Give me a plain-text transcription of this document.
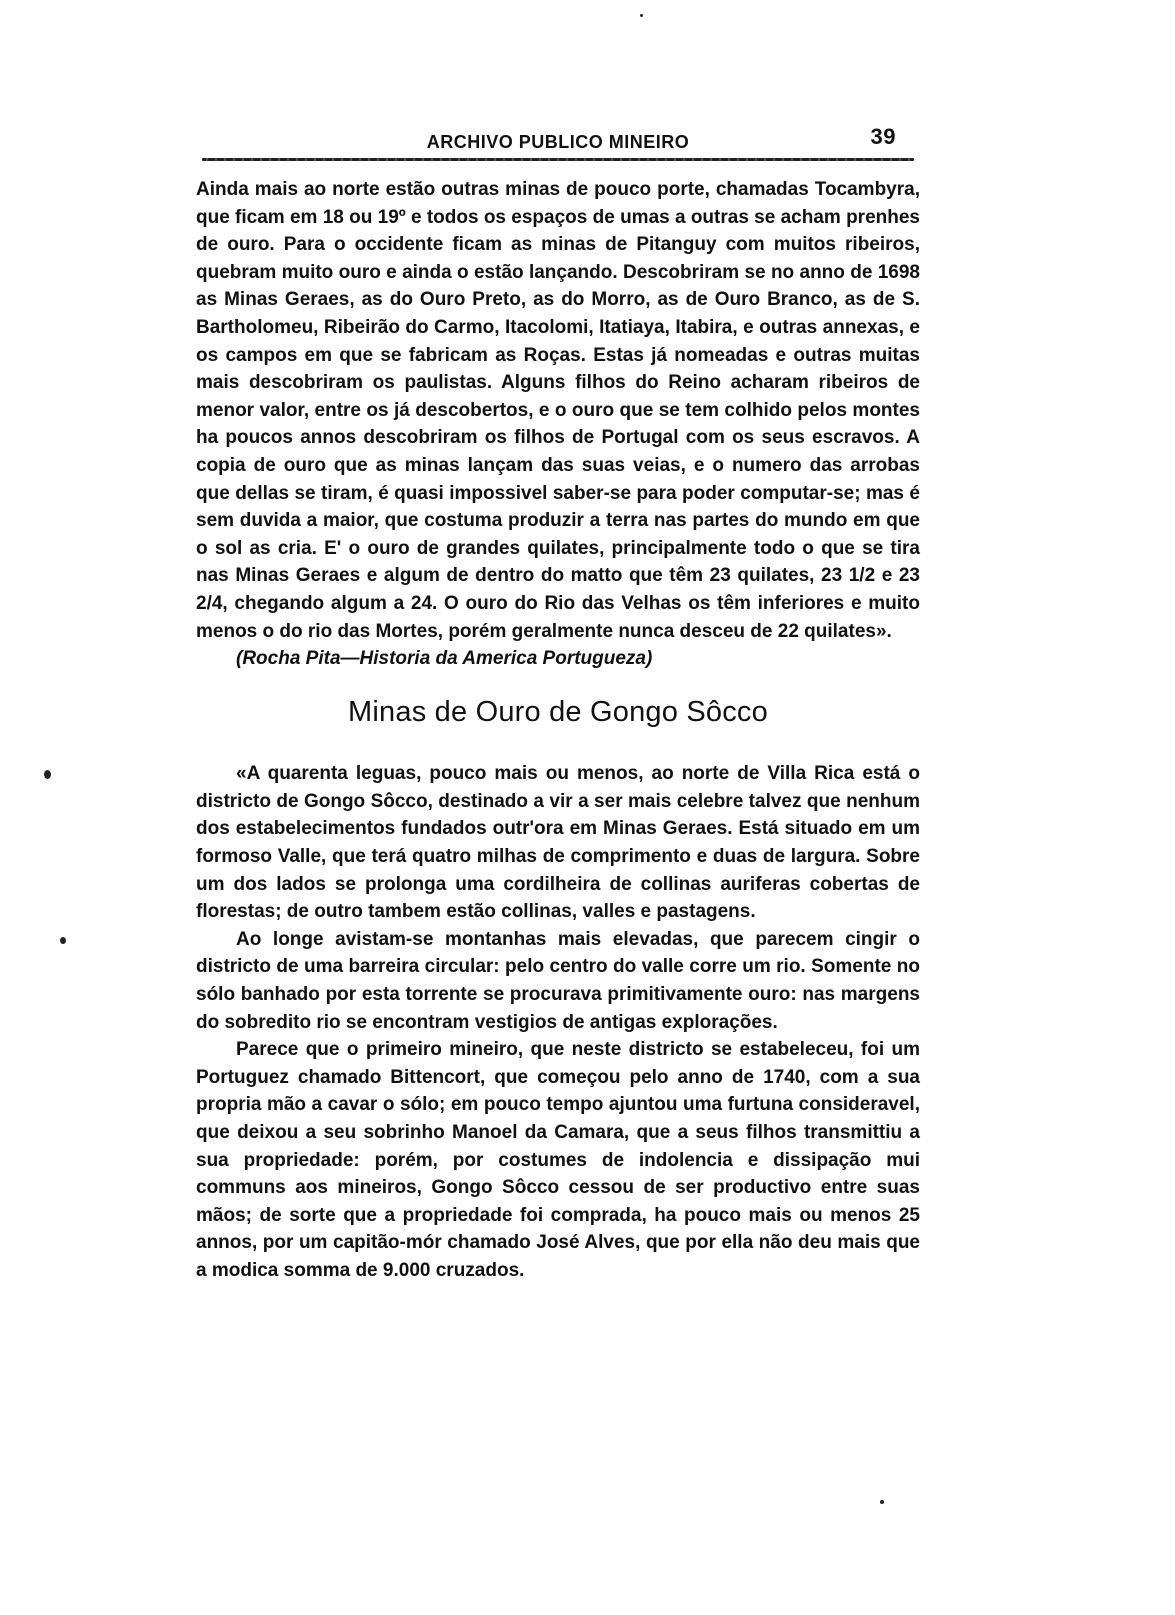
ARCHIVO PUBLICO MINEIRO	39

Ainda mais ao norte estão outras minas de pouco porte, chamadas Tocambyra, que ficam em 18 ou 19º e todos os espaços de umas a outras se acham prenhes de ouro. Para o occidente ficam as minas de Pitanguy com muitos ribeiros, quebram muito ouro e ainda o estão lançando. Descobriram se no anno de 1698 as Minas Geraes, as do Ouro Preto, as do Morro, as de Ouro Branco, as de S. Bartholomeu, Ribeirão do Carmo, Itacolomi, Itatiaya, Itabira, e outras annexas, e os campos em que se fabricam as Roças. Estas já nomeadas e outras muitas mais descobriram os paulistas. Alguns filhos do Reino acharam ribeiros de menor valor, entre os já descobertos, e o ouro que se tem colhido pelos montes ha poucos annos descobriram os filhos de Portugal com os seus escravos. A copia de ouro que as minas lançam das suas veias, e o numero das arrobas que dellas se tiram, é quasi impossivel saber-se para poder computar-se; mas é sem duvida a maior, que costuma produzir a terra nas partes do mundo em que o sol as cria. E' o ouro de grandes quilates, principalmente todo o que se tira nas Minas Geraes e algum de dentro do matto que têm 23 quilates, 23 1/2 e 23 2/4, chegando algum a 24. O ouro do Rio das Velhas os têm inferiores e muito menos o do rio das Mortes, porém geralmente nunca desceu de 22 quilates».

(Rocha Pita—Historia da America Portugueza)

Minas de Ouro de Gongo Sôcco

«A quarenta leguas, pouco mais ou menos, ao norte de Villa Rica está o districto de Gongo Sôcco, destinado a vir a ser mais celebre talvez que nenhum dos estabelecimentos fundados outr'ora em Minas Geraes. Está situado em um formoso Valle, que terá quatro milhas de comprimento e duas de largura. Sobre um dos lados se prolonga uma cordilheira de collinas auriferas cobertas de florestas; de outro tambem estão collinas, valles e pastagens.

Ao longe avistam-se montanhas mais elevadas, que parecem cingir o districto de uma barreira circular: pelo centro do valle corre um rio. Somente no sólo banhado por esta torrente se procurava primitivamente ouro: nas margens do sobredito rio se encontram vestigios de antigas explorações.

Parece que o primeiro mineiro, que neste districto se estabeleceu, foi um Portuguez chamado Bittencort, que começou pelo anno de 1740, com a sua propria mão a cavar o sólo; em pouco tempo ajuntou uma furtuna consideravel, que deixou a seu sobrinho Manoel da Camara, que a seus filhos transmittiu a sua propriedade: porém, por costumes de indolencia e dissipação mui communs aos mineiros, Gongo Sôcco cessou de ser productivo entre suas mãos; de sorte que a propriedade foi comprada, ha pouco mais ou menos 25 annos, por um capitão-mór chamado José Alves, que por ella não deu mais que a modica somma de 9.000 cruzados.
